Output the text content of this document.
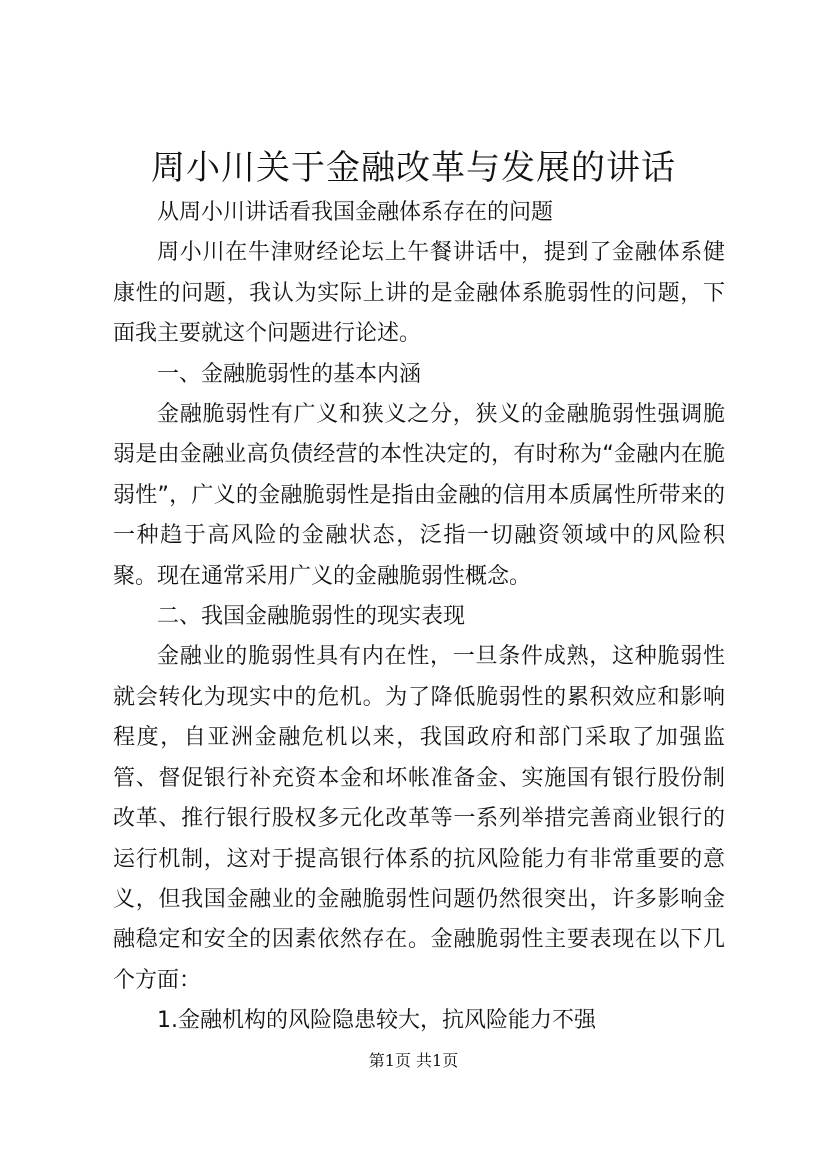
周小川关于金融改革与发展的讲话

从周小川讲话看我国金融体系存在的问题

周小川在牛津财经论坛上午餐讲话中，提到了金融体系健康性的问题，我认为实际上讲的是金融体系脆弱性的问题，下面我主要就这个问题进行论述。

一、金融脆弱性的基本内涵

金融脆弱性有广义和狭义之分，狭义的金融脆弱性强调脆弱是由金融业高负债经营的本性决定的，有时称为“金融内在脆弱性”，广义的金融脆弱性是指由金融的信用本质属性所带来的一种趋于高风险的金融状态，泛指一切融资领域中的风险积聚。现在通常采用广义的金融脆弱性概念。

二、我国金融脆弱性的现实表现

金融业的脆弱性具有内在性，一旦条件成熟，这种脆弱性就会转化为现实中的危机。为了降低脆弱性的累积效应和影响程度，自亚洲金融危机以来，我国政府和部门采取了加强监管、督促银行补充资本金和坏帐准备金、实施国有银行股份制改革、推行银行股权多元化改革等一系列举措完善商业银行的运行机制，这对于提高银行体系的抗风险能力有非常重要的意义，但我国金融业的金融脆弱性问题仍然很突出，许多影响金融稳定和安全的因素依然存在。金融脆弱性主要表现在以下几个方面：

1.金融机构的风险隐患较大，抗风险能力不强

第1页 共1页
